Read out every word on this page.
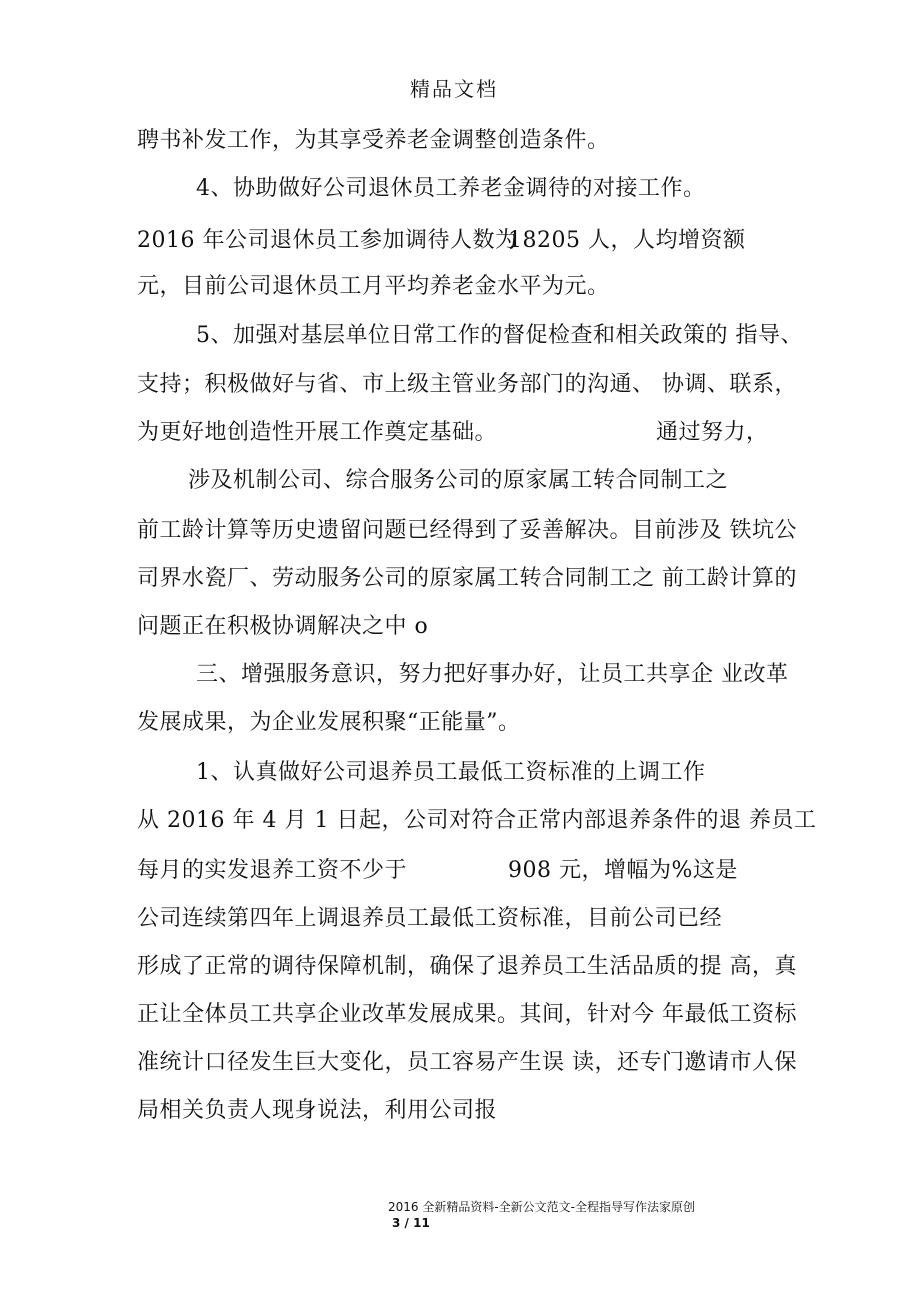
精品文档
聘书补发工作，为其享受养老金调整创造条件。
4、协助做好公司退休员工养老金调待的对接工作。
2016 年公司退休员工参加调待人数为
18205 人，人均增资额
元，目前公司退休员工月平均养老金水平为元。
5、加强对基层单位日常工作的督促检查和相关政策的 指导、
支持；积极做好与省、市上级主管业务部门的沟通、 协调、联系，
为更好地创造性开展工作奠定基础。	通过努力，
涉及机制公司、综合服务公司的原家属工转合同制工之
前工龄计算等历史遗留问题已经得到了妥善解决。目前涉及 铁坑公
司界水瓷厂、劳动服务公司的原家属工转合同制工之 前工龄计算的
问题正在积极协调解决之中 o
三、增强服务意识，努力把好事办好，让员工共享企 业改革
发展成果，为企业发展积聚“正能量”。
1、认真做好公司退养员工最低工资标准的上调工作
从 2016 年 4 月 1 日起，公司对符合正常内部退养条件的退 养员工
每月的实发退养工资不少于	908 元，增幅为%这是
公司连续第四年上调退养员工最低工资标准，目前公司已经
形成了正常的调待保障机制，确保了退养员工生活品质的提 高，真
正让全体员工共享企业改革发展成果。其间，针对今 年最低工资标
准统计口径发生巨大变化，员工容易产生误 读，还专门邀请市人保
局相关负责人现身说法，利用公司报
2016 全新精品资料-全新公文范文-全程指导写作法家原创
3 / 11
